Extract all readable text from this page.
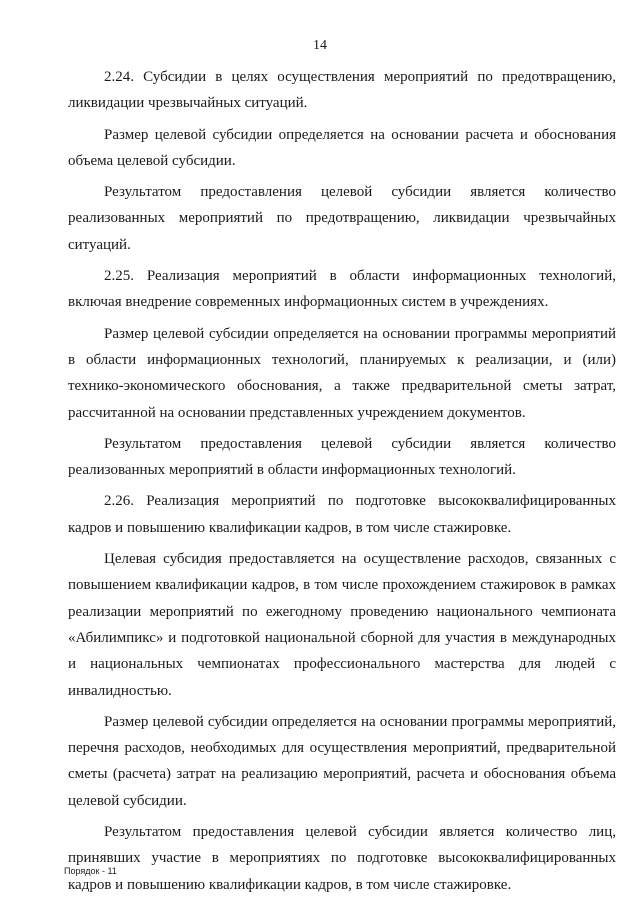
14

2.24. Субсидии в целях осуществления мероприятий по предотвращению, ликвидации чрезвычайных ситуаций.

Размер целевой субсидии определяется на основании расчета и обоснования объема целевой субсидии.

Результатом предоставления целевой субсидии является количество реализованных мероприятий по предотвращению, ликвидации чрезвычайных ситуаций.

2.25. Реализация мероприятий в области информационных технологий, включая внедрение современных информационных систем в учреждениях.

Размер целевой субсидии определяется на основании программы мероприятий в области информационных технологий, планируемых к реализации, и (или) технико-экономического обоснования, а также предварительной сметы затрат, рассчитанной на основании представленных учреждением документов.

Результатом предоставления целевой субсидии является количество реализованных мероприятий в области информационных технологий.

2.26. Реализация мероприятий по подготовке высококвалифицированных кадров и повышению квалификации кадров, в том числе стажировке.

Целевая субсидия предоставляется на осуществление расходов, связанных с повышением квалификации кадров, в том числе прохождением стажировок в рамках реализации мероприятий по ежегодному проведению национального чемпионата «Абилимпикс» и подготовкой национальной сборной для участия в международных и национальных чемпионатах профессионального мастерства для людей с инвалидностью.

Размер целевой субсидии определяется на основании программы мероприятий, перечня расходов, необходимых для осуществления мероприятий, предварительной сметы (расчета) затрат на реализацию мероприятий, расчета и обоснования объема целевой субсидии.

Результатом предоставления целевой субсидии является количество лиц, принявших участие в мероприятиях по подготовке высококвалифицированных кадров и повышению квалификации кадров, в том числе стажировке.

Порядок - 11
